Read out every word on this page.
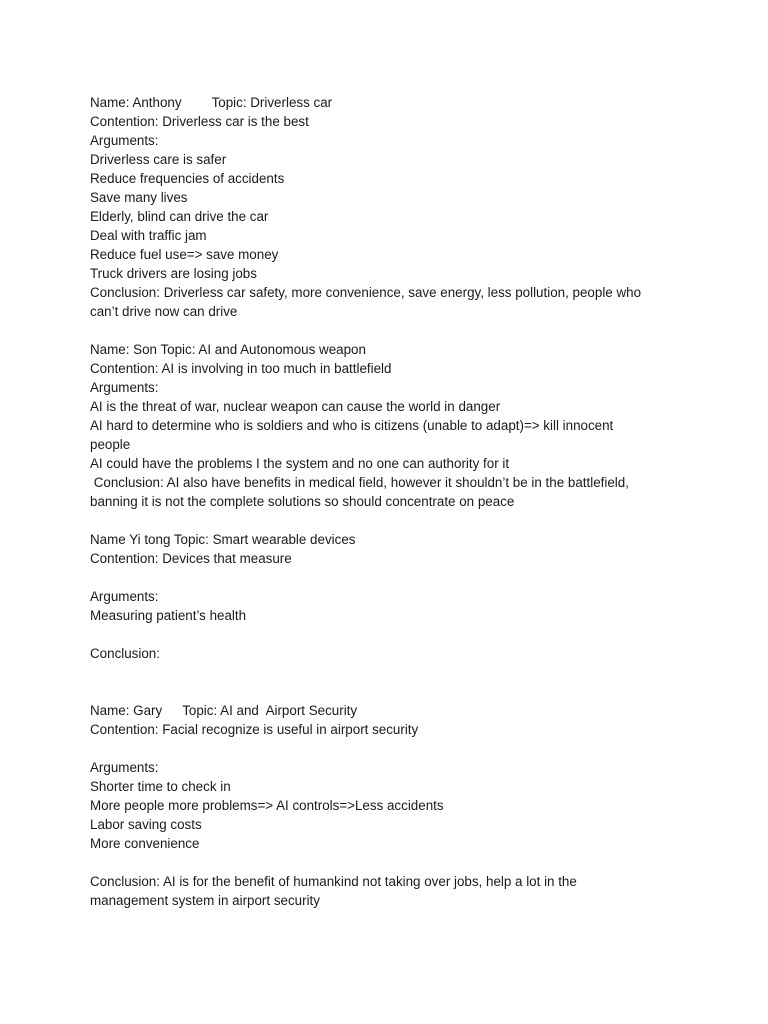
Name: Anthony Topic: Driverless car
Contention: Driverless car is the best
Arguments:
Driverless care is safer
Reduce frequencies of accidents
Save many lives
Elderly, blind can drive the car
Deal with traffic jam
Reduce fuel use=> save money
Truck drivers are losing jobs
Conclusion: Driverless car safety, more convenience, save energy, less pollution, people who
can’t drive now can drive
Name: Son Topic: AI and Autonomous weapon
Contention: AI is involving in too much in battlefield
Arguments:
AI is the threat of war, nuclear weapon can cause the world in danger
AI hard to determine who is soldiers and who is citizens (unable to adapt)=> kill innocent
people
AI could have the problems I the system and no one can authority for it
Conclusion: AI also have benefits in medical field, however it shouldn’t be in the battlefield,
banning it is not the complete solutions so should concentrate on peace
Name Yi tong Topic: Smart wearable devices
Contention: Devices that measure
Arguments:
Measuring patient’s health
Conclusion:
Name: Gary Topic: AI and  Airport Security
Contention: Facial recognize is useful in airport security
Arguments:
Shorter time to check in
More people more problems=> AI controls=>Less accidents
Labor saving costs
More convenience
Conclusion: AI is for the benefit of humankind not taking over jobs, help a lot in the
management system in airport security
